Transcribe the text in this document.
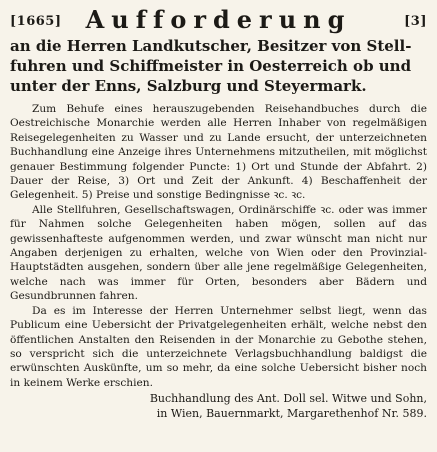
[1665]	Aufforderung	[3]

an die Herren Landkutscher, Besitzer von Stell-

fuhren und Schiffmeister in Oesterreich ob und

unter der Enns, Salzburg und Steyermark.

Zum Behufe eines herauszugebenden Reisehandbuches durch die Oestreichische Monarchie werden alle Herren Inhaber von regelmäßigen Reisegelegenheiten zu Wasser und zu Lande ersucht, der unterzeichneten Buchhandlung eine Anzeige ihres Unternehmens mitzutheilen, mit möglichst genauer Bestimmung folgender Puncte: 1) Ort und Stunde der Abfahrt. 2) Dauer der Reise, 3) Ort und Zeit der Ankunft. 4) Beschaffenheit der Gelegenheit. 5) Preise und sonstige Bedingnisse ꝛc. ꝛc.

Alle Stellfuhren, Gesellschaftswagen, Ordinärschiffe ꝛc. oder was immer für Nahmen solche Gelegenheiten haben mögen, sollen auf das gewissenhafteste aufgenommen werden, und zwar wünscht man nicht nur Angaben derjenigen zu erhalten, welche von Wien oder den Provinzial-Hauptstädten ausgehen, sondern über alle jene regelmäßige Gelegenheiten, welche nach was immer für Orten, besonders aber Bädern und Gesundbrunnen fahren.

Da es im Interesse der Herren Unternehmer selbst liegt, wenn das Publicum eine Uebersicht der Privatgelegenheiten erhält, welche nebst den öffentlichen Anstalten den Reisenden in der Monarchie zu Gebothe stehen, so verspricht sich die unterzeichnete Verlagsbuchhandlung baldigst die erwünschten Auskünfte, um so mehr, da eine solche Uebersicht bisher noch in keinem Werke erschien.

Buchhandlung des Ant. Doll sel. Witwe und Sohn,

in Wien, Bauernmarkt, Margarethenhof Nr. 589.
